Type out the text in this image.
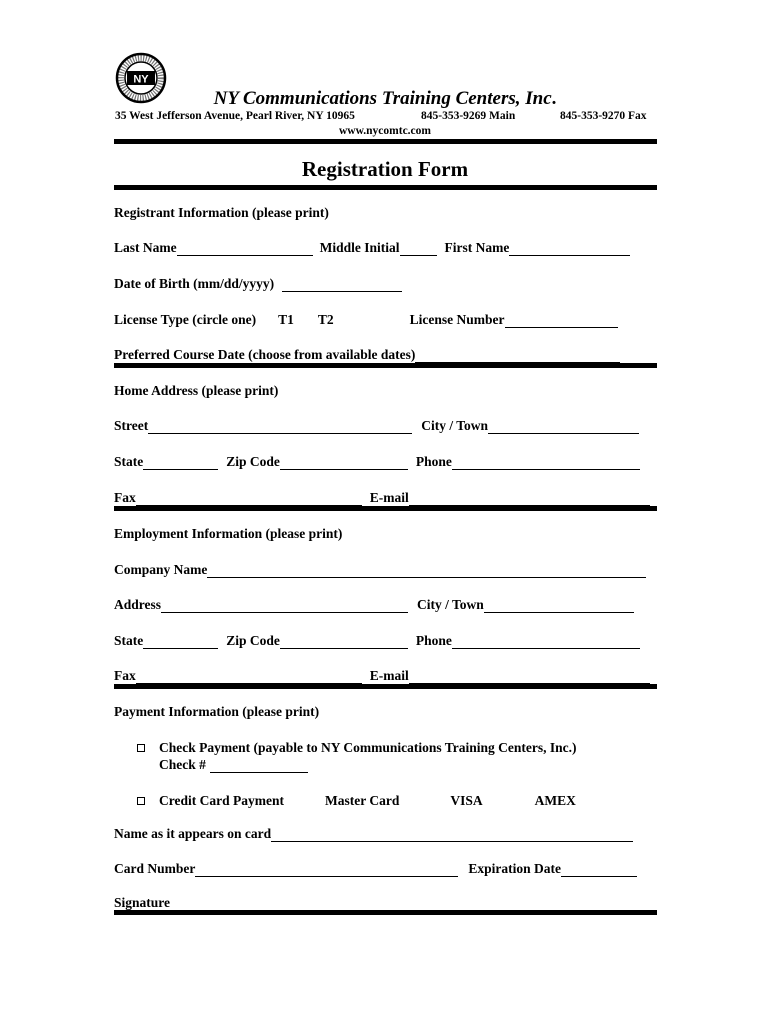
NY
NY Communications Training Centers, Inc.
35 West Jefferson Avenue, Pearl River, NY 10965	845-353-9269 Main	845-353-9270 Fax
www.nycomtc.com
Registration Form
Registrant Information (please print)
Last Name	Middle Initial	First Name
Date of Birth (mm/dd/yyyy)
License Type (circle one) T1 T2	License Number
Preferred Course Date (choose from available dates)
Home Address (please print)
Street	City / Town
State	Zip Code	Phone
Fax	E-mail
Employment Information (please print)
Company Name
Address	City / Town
State	Zip Code	Phone
Fax	E-mail
Payment Information (please print)
Check Payment (payable to NY Communications Training Centers, Inc.)
Check #
Credit Card Payment	Master Card	VISA	AMEX
Name as it appears on card
Card Number	Expiration Date
Signature
